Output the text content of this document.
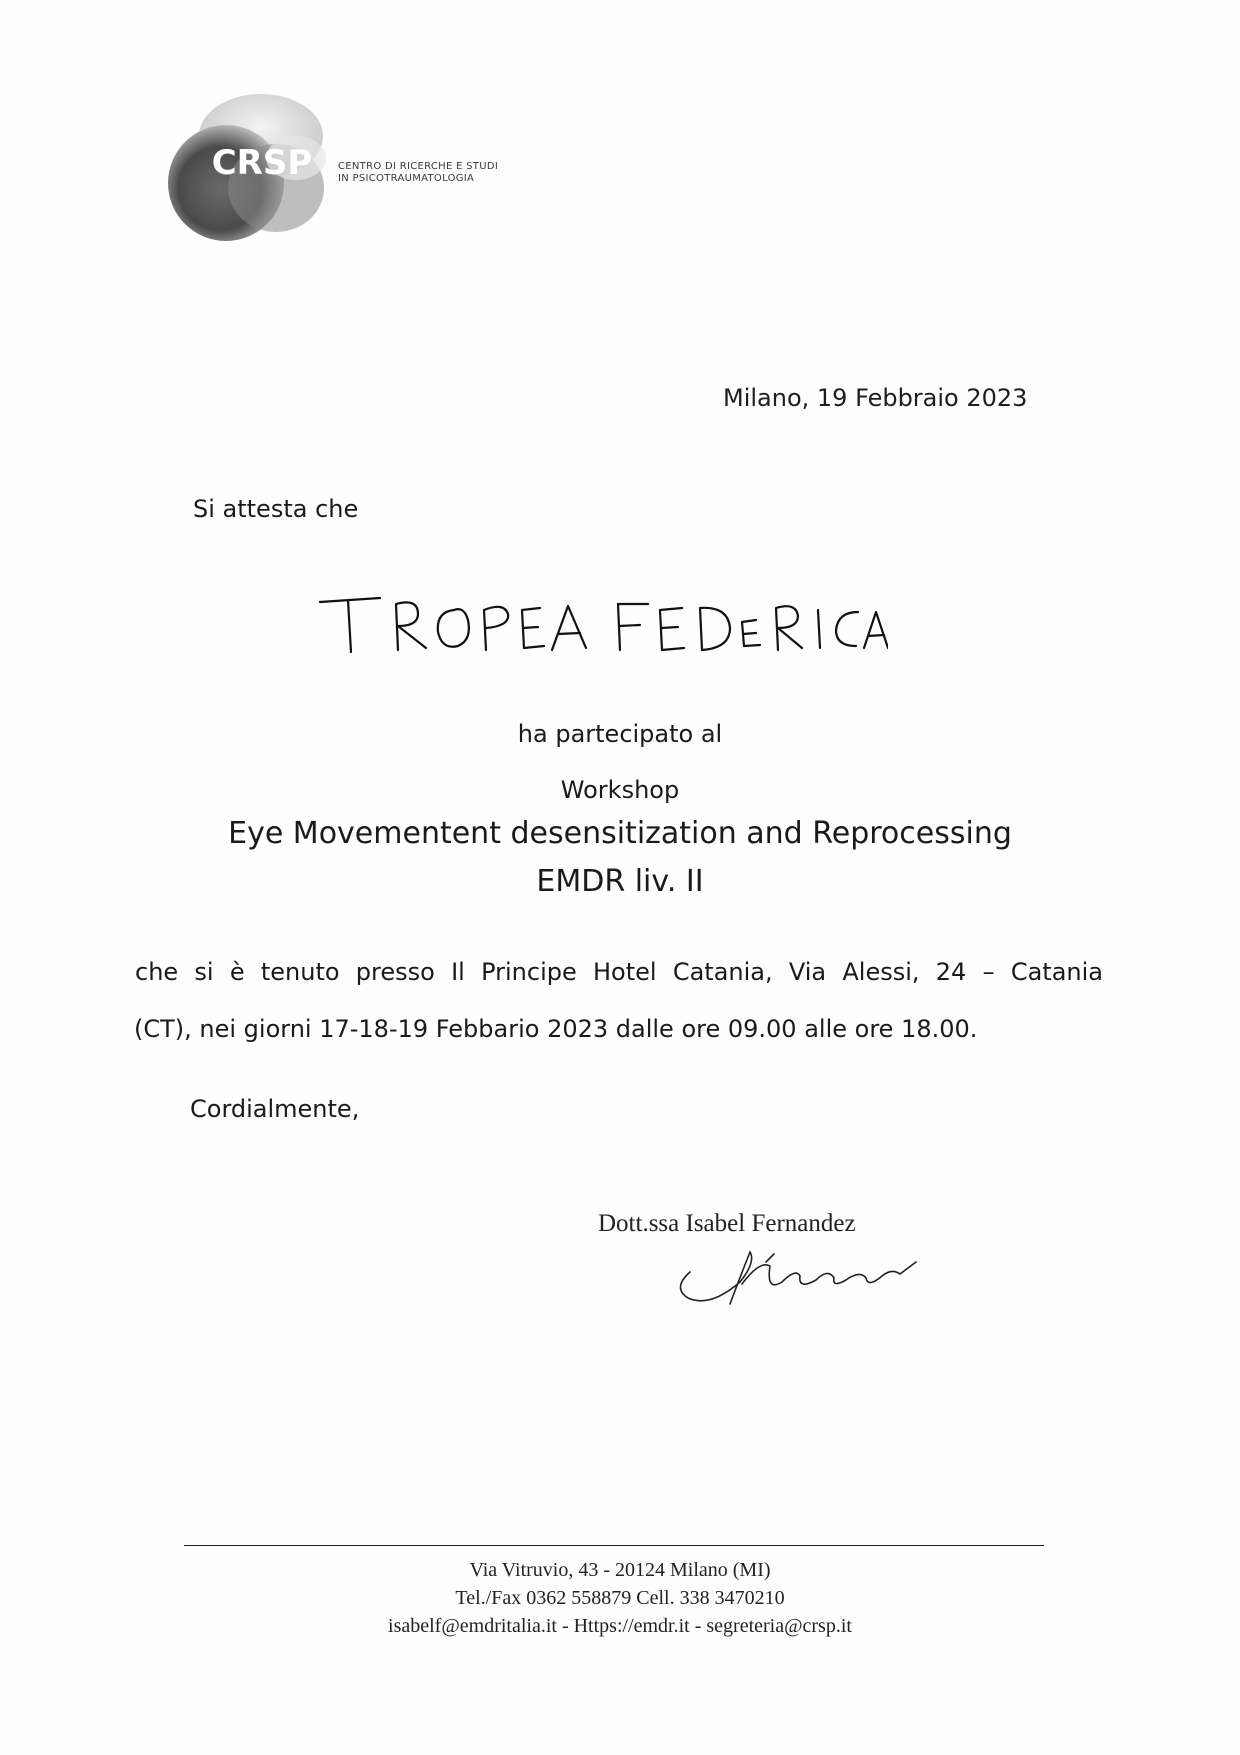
CRSP	CENTRO DI RICERCHE E STUDI
IN PSICOTRAUMATOLOGIA
Milano, 19 Febbraio 2023
Si attesta che
ha partecipato al
Workshop
Eye Movementent desensitization and Reprocessing
EMDR liv. II
che si è tenuto presso Il Principe Hotel Catania, Via Alessi, 24 – Catania
(CT), nei giorni 17-18-19 Febbario 2023 dalle ore 09.00 alle ore 18.00.
Cordialmente,
Dott.ssa Isabel Fernandez
Via Vitruvio, 43 - 20124 Milano (MI)
Tel./Fax 0362 558879 Cell. 338 3470210
isabelf@emdritalia.it - Https://emdr.it - segreteria@crsp.it
